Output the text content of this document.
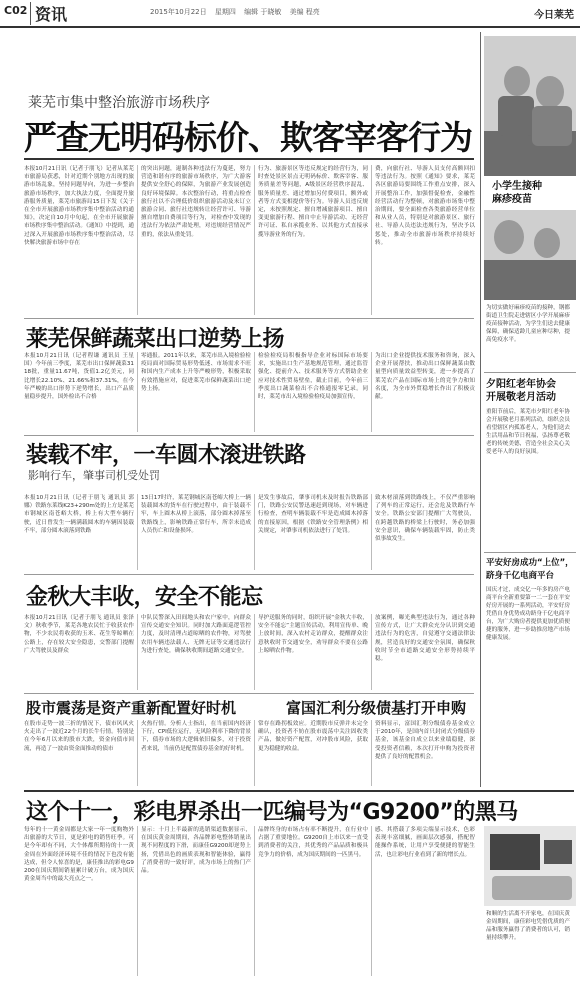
C02 资讯	2015年10月22日 星期四 编辑 于晓敏 美编 程亮	今日莱芜
莱芜市集中整治旅游市场秩序
严查无明码标价、欺客宰客行为
本报10月21日讯（记者于朋飞）记者从莱芜市旅游局获悉，针对近期个别地方出现的旅游市场乱象，坚持问题导向，为进一步整治旅游市场秩序，加大执法力度，全面提升旅游服务质量，莱芜市旅游局15日下发《关于在全市开展旅游市场秩序集中整治活动的通知》，决定自10月中旬起，在全市开展旅游市场秩序集中整治活动。《通知》中提到，通过深入开展旅游市场秩序集中整治活动，尽快解决旅游市场中存在
的突出问题，遏制各种违法行为蔓延，努力营造和谐有序的旅游市场秩序，为广大游客提供安全舒心的保障，为旅游产业发展创造良好环境保障。本次整治行动，将重点检查旅行社以不合理低价组织旅游活动及未订立旅游合同、旅行社违规转让经营许可、导游擅自增加自费项目等行为，对检查中发现的违法行为依法严肃处理，对违规经营情况严重的，依法从重处罚。
行为、旅游景区等违反规定的经营行为，同时查处景区景点无明码标价、欺客宰客、服务质量差等问题，A级景区经营秩序混乱、服务质量差、通过增加另付费项目，额外或者等方式变相提价等行为。导游人员违反规定，未按照规定、擅自增减旅游项目、擅自变更旅游行程、擅自中止导游活动、无经营许可证、私自承揽业务、以其他方式直接承揽导游业务的行为。
费，向旅行社、导游人员支付高额回扣等违法行为。按照《通知》要求，莱芜各区旅游局要围绕工作重点安排，深入开展整治工作，加强督促检查，金融性经营活动行为整顿，对旅游市场集中整治期间，要全面检查各类旅游经营单位和从业人员，特别是对旅游景区、旅行社、导游人员违法违规行为，坚决予以惩处，推动全市旅游市场秩序持续好转。
莱芜保鲜蔬菜出口逆势上扬
本报10月21日讯（记者程谦 通讯员 王星国）今年前三季度，莱芜市出口保鲜蔬菜3118批，重量11.67吨，货值1.2亿美元，同比增长22.10%、21.66%和37.31%，在今年严峻的出口形势下逆势增长，出口产品质量稳步提升，国外检出不合格
零通报。2011年以来，莱芜市出入境检验检疫局面对国际贸易形势低迷、市场需求不旺和国内生产成本上升等严峻形势，积极采取有效措施应对，促进莱芜市保鲜蔬菜出口逆势上扬。
检验检疫局积极指导企业对标国际市场要求，实施出口生产基地规范管理，通过监管强化、提前介入、技术服务等方式帮助企业应对技术性贸易壁垒，截止目前，今年前三季度出口蔬菜检出不合格通报零记录。同时，莱芜市出入境检验检疫局加强宣传，
为出口企业提供技术服务和咨询，深入企业开展帮扶，推动出口保鲜蔬菜由数量型向质量效益型转变，进一步提高了莱芜农产品在国际市场上的竞争力和知名度，为全市外贸稳增长作出了积极贡献。
装载不牢，一车圆木滚进铁路
影响行车，肇事司机受处罚
本报10月21日讯（记者于朋飞 通讯员 郭娜）铁路东莱线K23+290m处的上方是莱芜市钢城区南苍峪大桥，桥上有大型车辆行驶，近日曾发生一辆满载圆木的车辆因装载不牢，部分圆木滚落到铁路
13日17时许，莱芜钢城区南苍峪大桥上一辆装载圆木的货车在行驶过程中，由于装载不牢，车上圆木从桥上滚落，部分圆木掉落至铁路线上，影响铁路正常行车，所幸未造成人员伤亡和设备损坏。
是发生事故后，肇事司机未及时报告铁路部门，铁路公安民警迅速赶到现场，对车辆进行检查，查明车辆装载不牢是造成圆木掉落的直接原因，根据《铁路安全管理条例》相关规定，对肇事司机依法进行了处罚。
致木材滚落到铁路线上，不仅严重影响了列车的正常运行，还会危及铁路行车安全。铁路公安部门提醒广大驾驶员，在跨越铁路的桥梁上行驶时，务必加强安全意识，确保车辆装载牢固，防止类似事故发生。
金秋大丰收，安全不能忘
本报10月21日讯（记者于朋飞 通讯员 张泽文）秋收季节，莱芜各地农民忙于收获农作物，不少农民将收获的玉米、花生等晾晒在公路上，存在较大安全隐患，交警部门提醒广大驾驶员及群众
中队民警深入田间地头和农户家中，向群众宣传交通安全知识。同时加大路面巡逻管控力度，及时清理占道晾晒的农作物，对驾驶农用车辆违法载人、无牌无证等交通违法行为进行查处，确保秋收期间道路交通安全。
导护送服务的同时，组织开展“金秋大丰收，安全不能忘”主题宣传活动，利用宣传单、晚上放时间，深入农村走访群众，提醒群众注意秋收时节交通安全，劝导群众不要在公路上晾晒农作物。
放案例，曝光典型违法行为，通过各种宣传方式，让广大群众充分认识到交通违法行为的危害，自觉遵守交通法律法规，营造良好的交通安全氛围，确保秋收时节全市道路交通安全形势持续平稳。
股市震荡是资产重新配置好时机	富国汇利分级债基打开申购
在股市走势一波三折的情况下，债市风风火火走出了一波近22个月的长牛行情。特别是在今年6月以来的股市大跌，资金向债市回流，再造了一波由资金面推动的债市
火热行情。分析人士指出，在当前国内经济下行，CPI低位运行，无风险利率下降的背景下，债券市场的大逻辑依旧偏多，对于投资者来说，当前仍是配置债券基金的好时机。
常存在路拐板效应。近期股市反弹并未完全确认，投资者不妨在股市震荡中关注固收类产品，做好资产配置，对冲股市风险，获取更为稳健的收益。
资料显示，富国汇利分级债券基金成立于2010年，是国内首只封闭式分级债券基金，该基金自成立以来业绩稳健，深受投资者信赖，本次打开申购为投资者提供了良好的配置机会。
这个十一，彩电界杀出一匹编号为“G9200”的黑马
每年的十一黄金周都是大家一年一度购物外出旅游的大节日，更是彩电的销售旺季。可是今年却有不同，大个体都所期待的十一黄金周在外面经济环境不佳的情况下也没有能达成，但令人惊喜的是，康佳推出的彩电G9200在国庆期间销量累计破万台，成为国庆黄金周当中的最大亮点之一。
显示：十月上半最新的选销渠道数据显示，在国庆黄金周期间，各品牌彩电整体销量出现不同程度的下滑，而康佳G9200却逆势上扬，凭借出色的画质表现和智能体验，赢得了消费者的一致好评，成为市场上的热门产品。
品牌终身的市场占有率不断提升，在行业中占据了重要地位。G9200自上市以来一直受到消费者的关注，其优秀的产品品质和极具竞争力的价格，成为国庆期间的一匹黑马。
感、其搭载了多项尖端显示技术，色彩表现丰富细腻，画面层次感强，搭配智能操作系统，让用户享受便捷的智能生活，也让彩电行业看到了新的增长点。
小学生接种
麻疹疫苗
为切实做好麻疹疫苗的接种，钢都街道卫生院走进辖区小学开展麻疹疫苗接种活动，为学生们送去健康保障，确保适龄儿童应种尽种，提高免疫水平。
夕阳红老年协会
开展敬老月活动
重阳节前后，莱芜市夕阳红老年协会开展敬老月系列活动，组织会员看望辖区内孤寡老人，为他们送去生活用品和节日祝福，弘扬尊老敬老的传统美德，营造全社会关心关爱老年人的良好氛围。
平安好房成功“上位”，
跻身千亿电商平台
国庆才过，成交亿一年多的房产电商平台全新重要第一二一套在平安好房开展的一系列活动，平安好房凭借自身优势成功跻身千亿电商平台，为广大购房者提供更加优质便捷的服务，进一步助推房地产市场健康发展。
和顺的生活离不开家电，在国庆黄金周期间，康佳彩电凭借优质的产品和服务赢得了消费者的认可，销量持续攀升。
